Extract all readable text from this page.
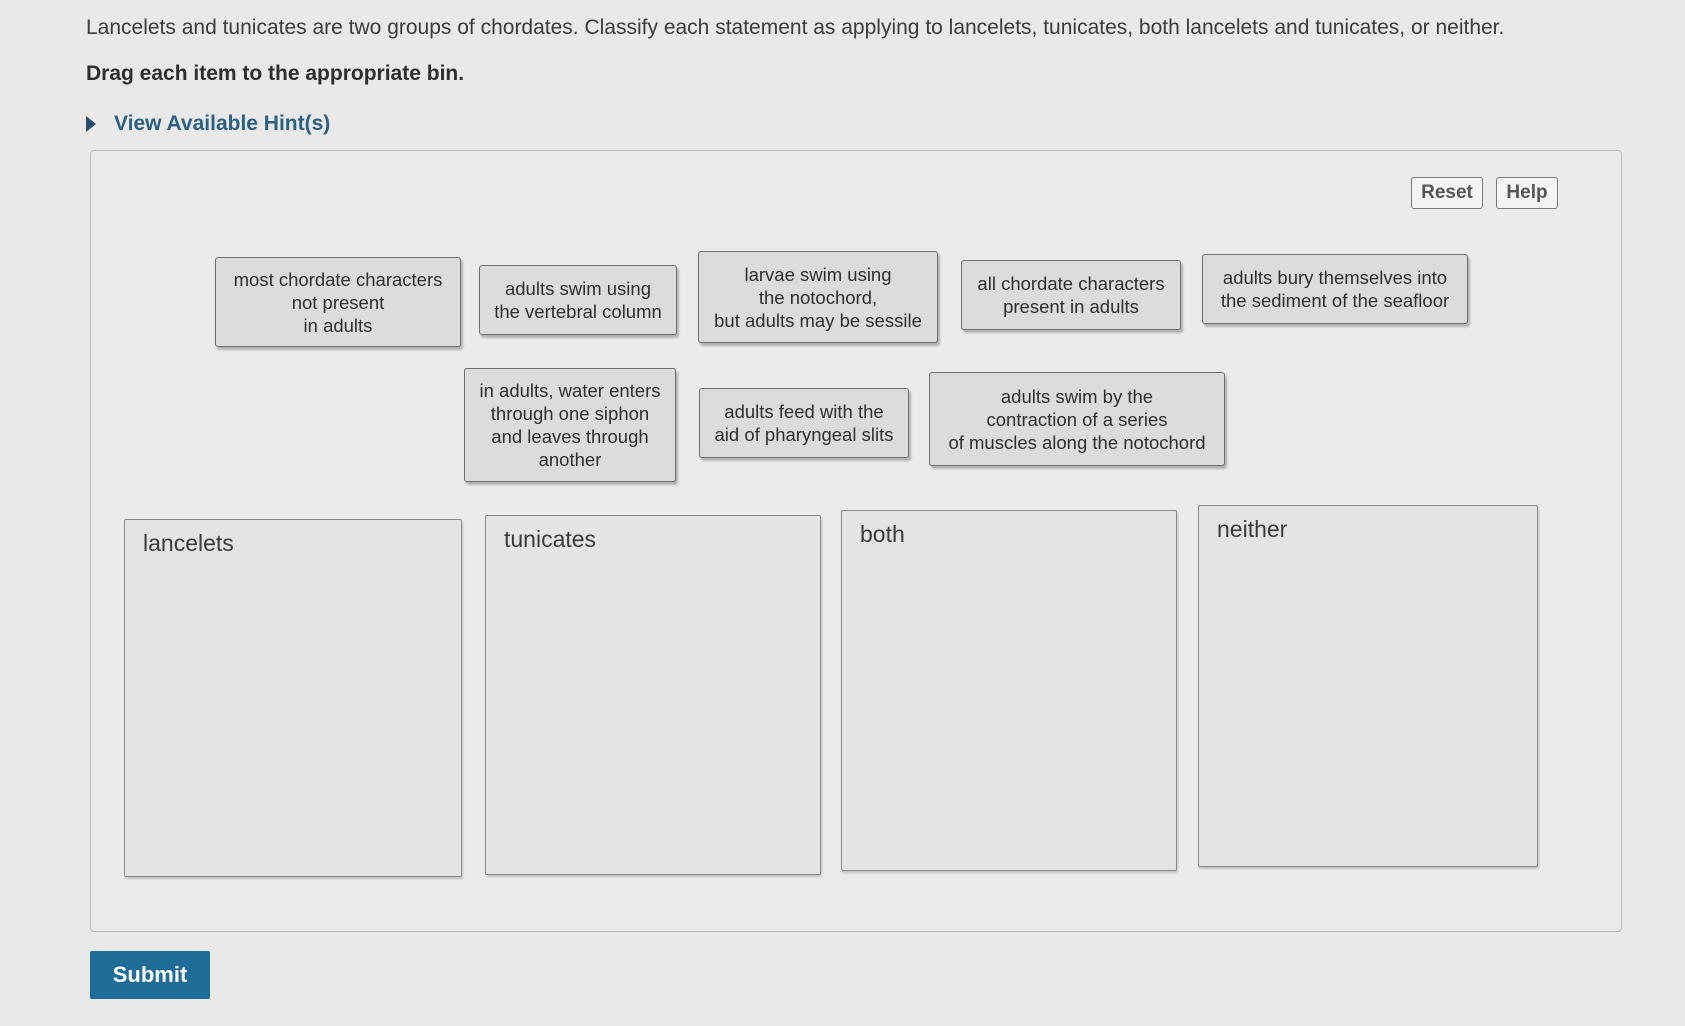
Lancelets and tunicates are two groups of chordates. Classify each statement as applying to lancelets, tunicates, both lancelets and tunicates, or neither.

Drag each item to the appropriate bin.

View Available Hint(s)
Reset	Help
most chordate characters
not present
in adults
adults swim using
the vertebral column
larvae swim using
the notochord,
but adults may be sessile
all chordate characters
present in adults
adults bury themselves into
the sediment of the seafloor
in adults, water enters
through one siphon
and leaves through
another
adults feed with the
aid of pharyngeal slits
adults swim by the
contraction of a series
of muscles along the notochord
lancelets	tunicates	both	neither
Submit
